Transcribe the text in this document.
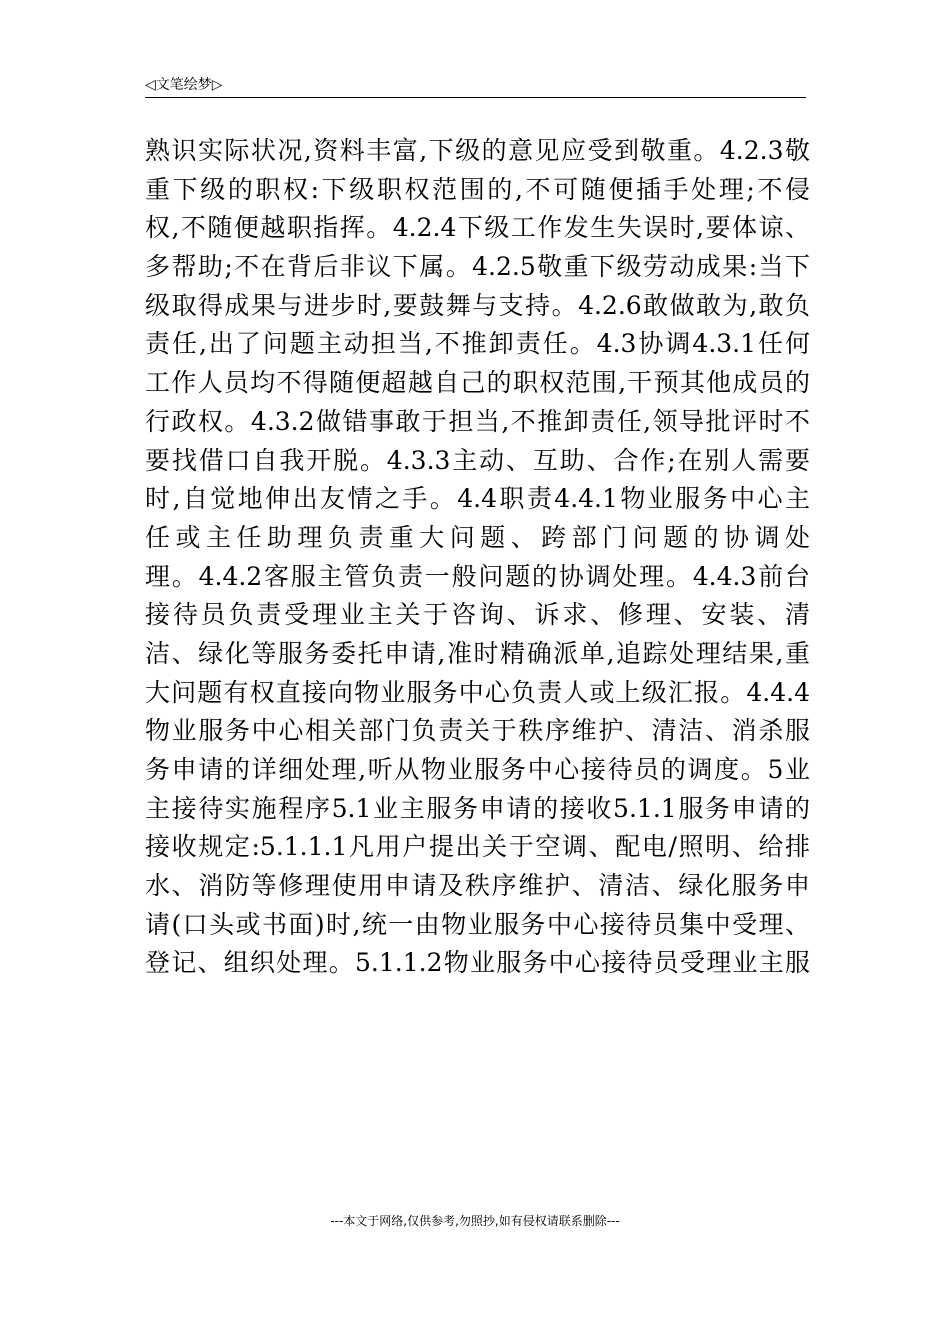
◁文笔绘梦▷
熟识实际状况,资料丰富,下级的意见应受到敬重。4.2.3敬
重下级的职权:下级职权范围的,不可随便插手处理;不侵
权,不随便越职指挥。4.2.4下级工作发生失误时,要体谅、
多帮助;不在背后非议下属。4.2.5敬重下级劳动成果:当下
级取得成果与进步时,要鼓舞与支持。4.2.6敢做敢为,敢负
责任,出了问题主动担当,不推卸责任。4.3协调4.3.1任何
工作人员均不得随便超越自己的职权范围,干预其他成员的
行政权。4.3.2做错事敢于担当,不推卸责任,领导批评时不
要找借口自我开脱。4.3.3主动、互助、合作;在别人需要
时,自觉地伸出友情之手。4.4职责4.4.1物业服务中心主
任或主任助理负责重大问题、跨部门问题的协调处
理。4.4.2客服主管负责一般问题的协调处理。4.4.3前台
接待员负责受理业主关于咨询、诉求、修理、安装、清
洁、绿化等服务委托申请,准时精确派单,追踪处理结果,重
大问题有权直接向物业服务中心负责人或上级汇报。4.4.4
物业服务中心相关部门负责关于秩序维护、清洁、消杀服
务申请的详细处理,听从物业服务中心接待员的调度。5业
主接待实施程序5.1业主服务申请的接收5.1.1服务申请的
接收规定:5.1.1.1凡用户提出关于空调、配电/照明、给排
水、消防等修理使用申请及秩序维护、清洁、绿化服务申
请(口头或书面)时,统一由物业服务中心接待员集中受理、
登记、组织处理。5.1.1.2物业服务中心接待员受理业主服
---本文于网络,仅供参考,勿照抄,如有侵权请联系删除---
